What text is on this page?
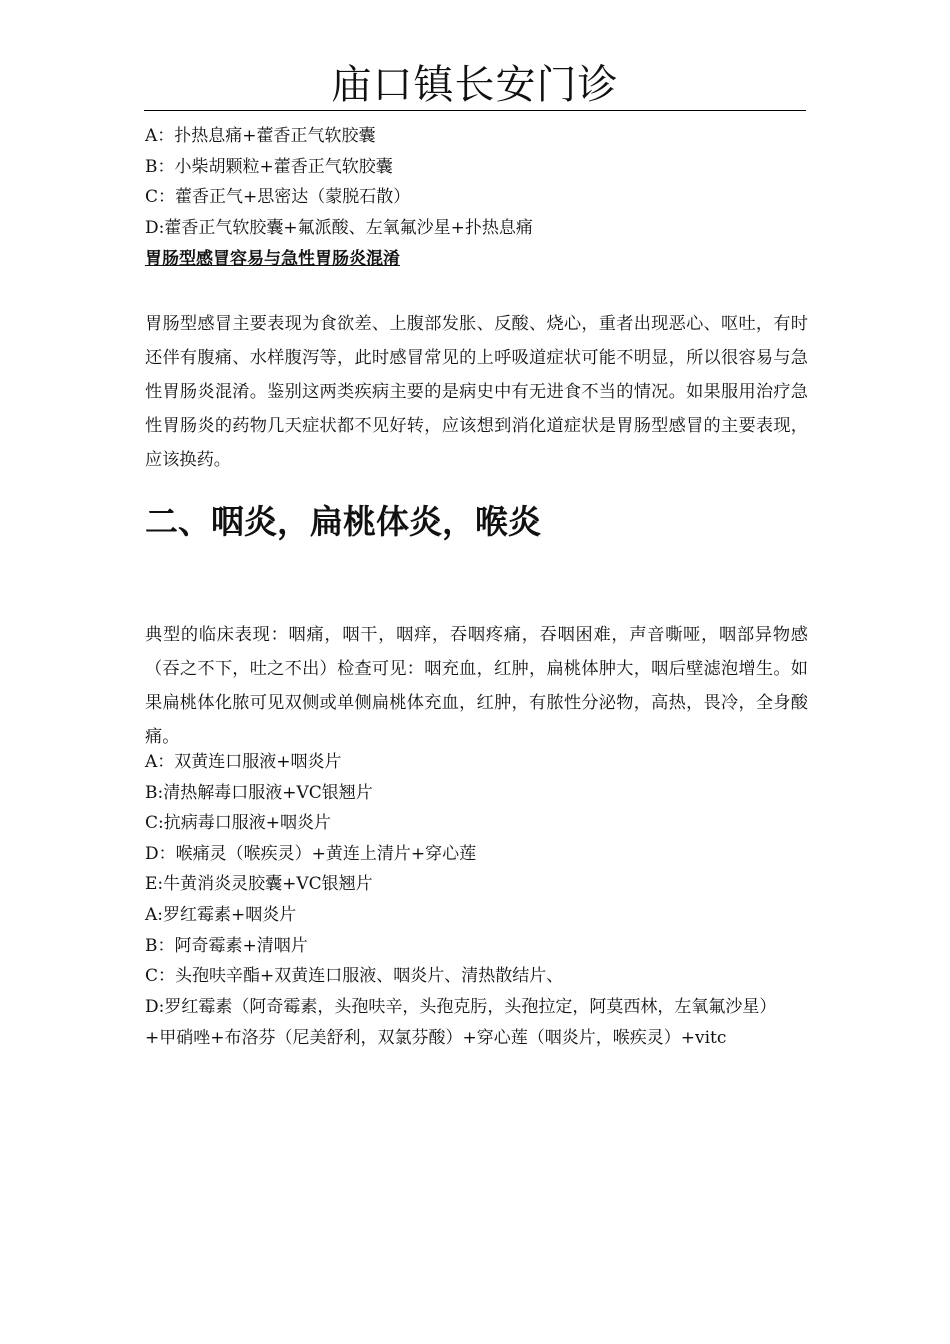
庙口镇长安门诊
A：扑热息痛+藿香正气软胶囊
B：小柴胡颗粒+藿香正气软胶囊
C：藿香正气+思密达（蒙脱石散）
D:藿香正气软胶囊+氟派酸、左氧氟沙星+扑热息痛
胃肠型感冒容易与急性胃肠炎混淆
胃肠型感冒主要表现为食欲差、上腹部发胀、反酸、烧心，重者出现恶心、呕吐，有时还伴有腹痛、水样腹泻等，此时感冒常见的上呼吸道症状可能不明显，所以很容易与急性胃肠炎混淆。鉴别这两类疾病主要的是病史中有无进食不当的情况。如果服用治疗急性胃肠炎的药物几天症状都不见好转，应该想到消化道症状是胃肠型感冒的主要表现，应该换药。
二、咽炎，扁桃体炎，喉炎
典型的临床表现：咽痛，咽干，咽痒，吞咽疼痛，吞咽困难，声音嘶哑，咽部异物感（吞之不下，吐之不出）检查可见：咽充血，红肿，扁桃体肿大，咽后壁滤泡增生。如果扁桃体化脓可见双侧或单侧扁桃体充血，红肿，有脓性分泌物，高热，畏冷，全身酸痛。
A：双黄连口服液+咽炎片
B:清热解毒口服液+VC银翘片
C:抗病毒口服液+咽炎片
D：喉痛灵（喉疾灵）+黄连上清片+穿心莲
E:牛黄消炎灵胶囊+VC银翘片
A:罗红霉素+咽炎片
B：阿奇霉素+清咽片
C：头孢呋辛酯+双黄连口服液、咽炎片、清热散结片、
D:罗红霉素（阿奇霉素，头孢呋辛，头孢克肟，头孢拉定，阿莫西林，左氧氟沙星）
+甲硝唑+布洛芬（尼美舒利，双氯芬酸）+穿心莲（咽炎片，喉疾灵）+vitc
